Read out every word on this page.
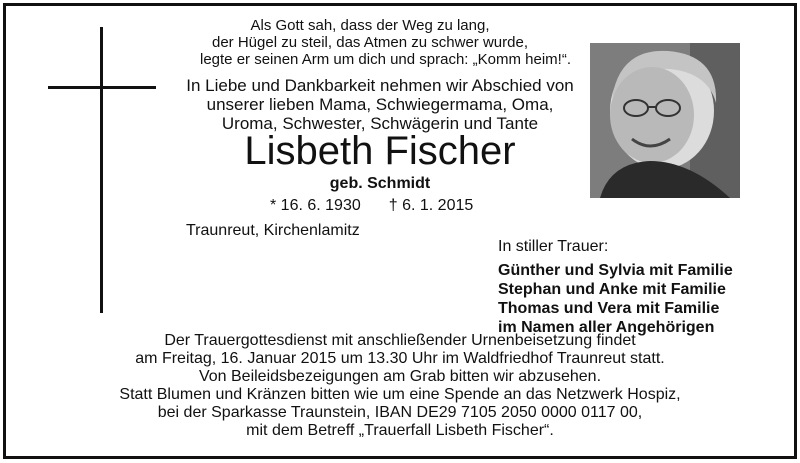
Als Gott sah, dass der Weg zu lang,
der Hügel zu steil, das Atmen zu schwer wurde,
legte er seinen Arm um dich und sprach: „Komm heim!“.
In Liebe und Dankbarkeit nehmen wir Abschied von
unserer lieben Mama, Schwiegermama, Oma,
Uroma, Schwester, Schwägerin und Tante
Lisbeth Fischer
geb. Schmidt
* 16. 6. 1930 † 6. 1. 2015
Traunreut, Kirchenlamitz
In stiller Trauer:
Günther und Sylvia mit Familie
Stephan und Anke mit Familie
Thomas und Vera mit Familie
im Namen aller Angehörigen
Der Trauergottesdienst mit anschließender Urnenbeisetzung findet
am Freitag, 16. Januar 2015 um 13.30 Uhr im Waldfriedhof Traunreut statt.
Von Beileidsbezeigungen am Grab bitten wir abzusehen.
Statt Blumen und Kränzen bitten wie um eine Spende an das Netzwerk Hospiz,
bei der Sparkasse Traunstein, IBAN DE29 7105 2050 0000 0117 00,
mit dem Betreff „Trauerfall Lisbeth Fischer“.
